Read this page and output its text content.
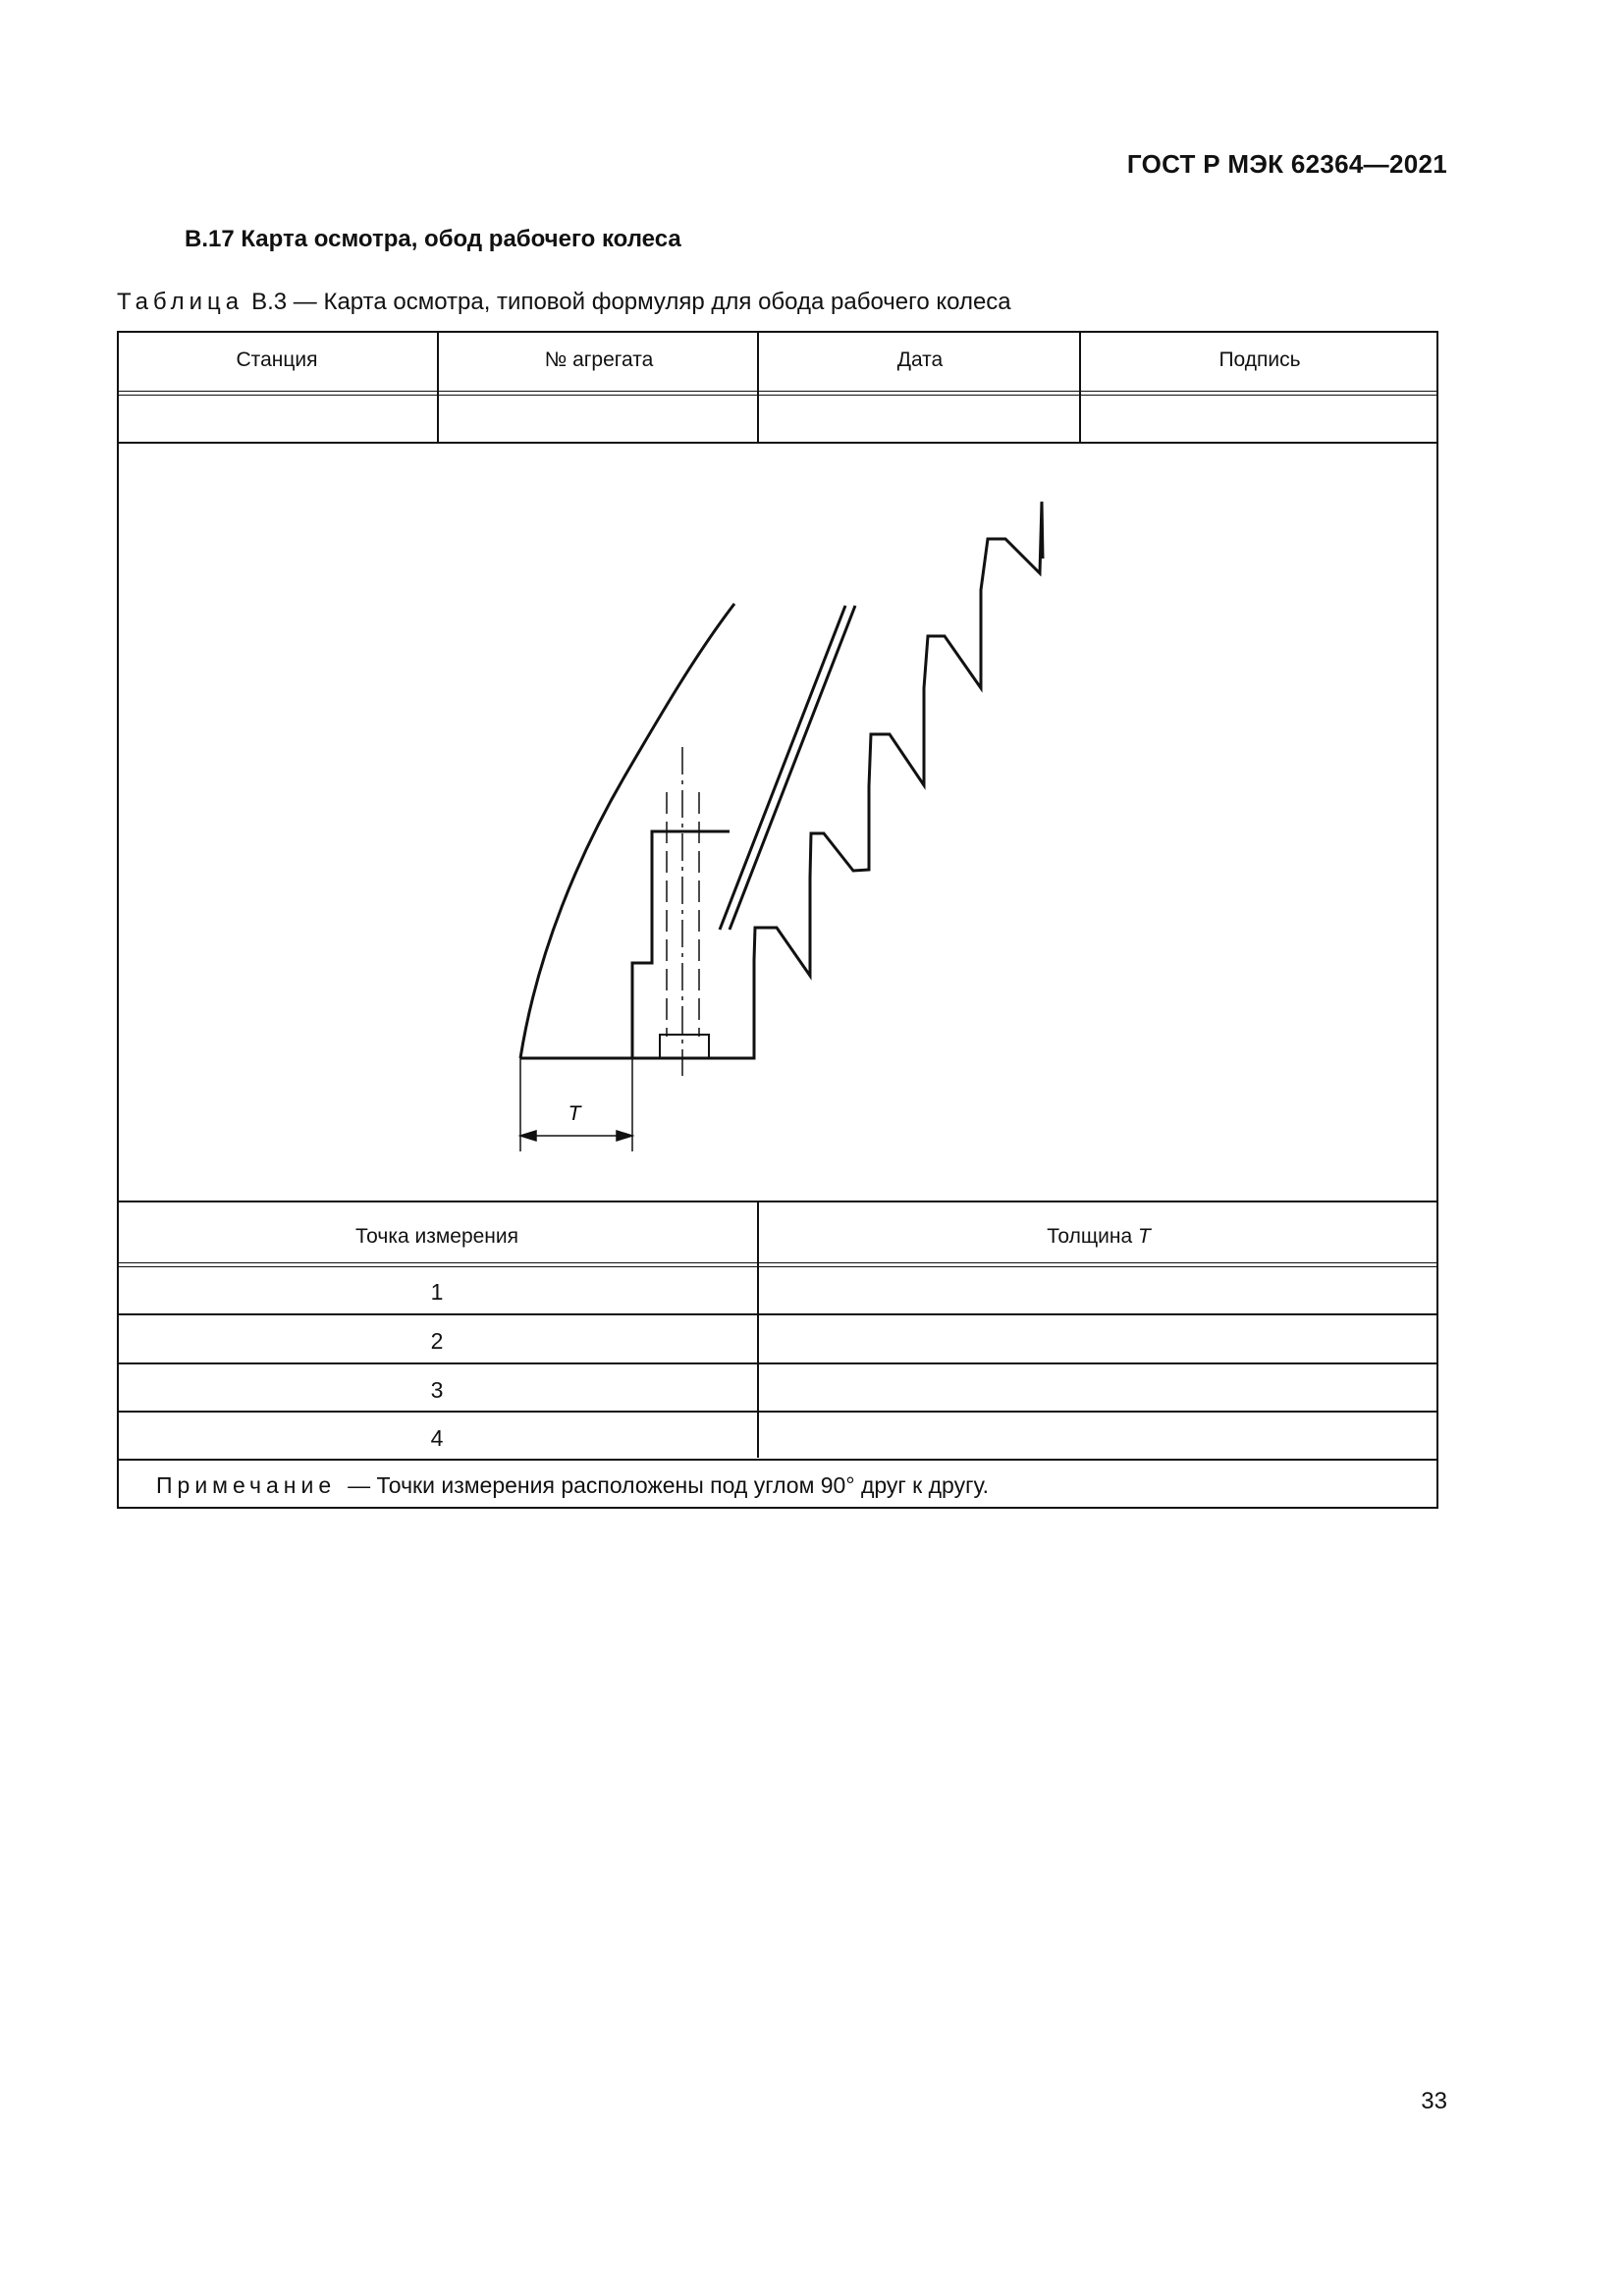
ГОСТ Р МЭК 62364—2021
В.17 Карта осмотра, обод рабочего колеса
Таблица В.3 — Карта осмотра, типовой формуляр для обода рабочего колеса
Станция	№ агрегата	Дата	Подпись
T
Точка измерения	Толщина T
1
2
3
4
Примечание — Точки измерения расположены под углом 90° друг к другу.
33
